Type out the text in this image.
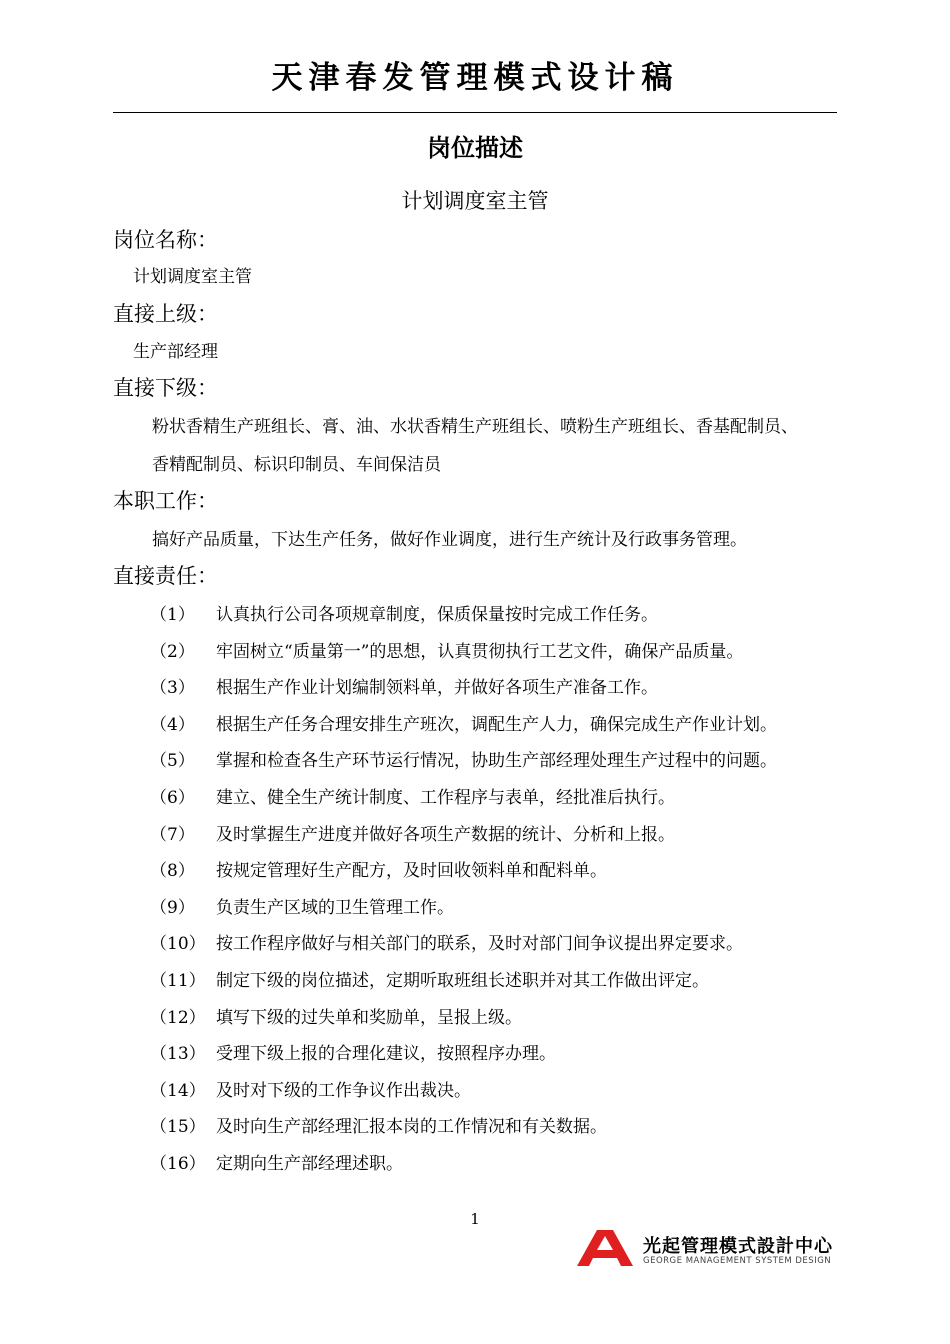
天津春发管理模式设计稿
岗位描述
计划调度室主管
岗位名称：
计划调度室主管
直接上级：
生产部经理
直接下级：
粉状香精生产班组长、膏、油、水状香精生产班组长、喷粉生产班组长、香基配制员、
香精配制员、标识印制员、车间保洁员
本职工作：
搞好产品质量，下达生产任务，做好作业调度，进行生产统计及行政事务管理。
直接责任：
（1） 认真执行公司各项规章制度，保质保量按时完成工作任务。
（2） 牢固树立“质量第一”的思想，认真贯彻执行工艺文件，确保产品质量。
（3） 根据生产作业计划编制领料单，并做好各项生产准备工作。
（4） 根据生产任务合理安排生产班次，调配生产人力，确保完成生产作业计划。
（5） 掌握和检查各生产环节运行情况，协助生产部经理处理生产过程中的问题。
（6） 建立、健全生产统计制度、工作程序与表单，经批准后执行。
（7） 及时掌握生产进度并做好各项生产数据的统计、分析和上报。
（8） 按规定管理好生产配方，及时回收领料单和配料单。
（9） 负责生产区域的卫生管理工作。
（10） 按工作程序做好与相关部门的联系，及时对部门间争议提出界定要求。
（11） 制定下级的岗位描述，定期听取班组长述职并对其工作做出评定。
（12） 填写下级的过失单和奖励单，呈报上级。
（13） 受理下级上报的合理化建议，按照程序办理。
（14） 及时对下级的工作争议作出裁决。
（15） 及时向生产部经理汇报本岗的工作情况和有关数据。
（16） 定期向生产部经理述职。
1
光起管理模式設計中心
GEORGE MANAGEMENT SYSTEM DESIGN
